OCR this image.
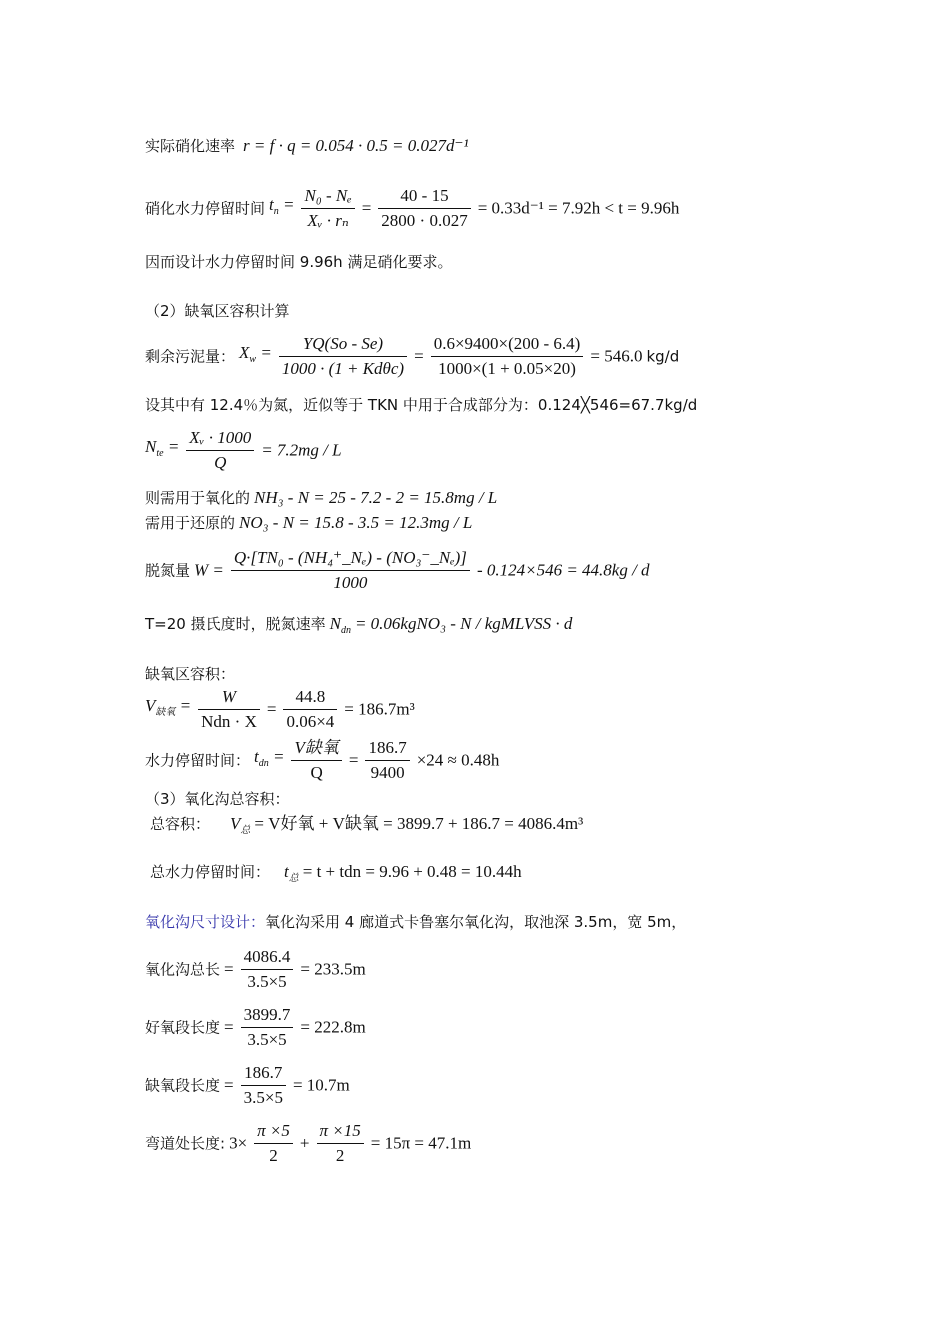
实际硝化速率 r = f · q = 0.054 · 0.5 = 0.027d⁻¹
硝化水力停留时间 $t_n = \frac{\text{N₀ - Nₑ}}{\text{Xᵥ · rₙ}} = \frac{40 - 15}{2800 \cdot 0.027} = 0.33d^{-1} = 7.92h < t = 9.96h$
因而设计水力停留时间 9.96h 满足硝化要求。
（2）缺氧区容积计算
剩余污泥量： $X_w = \frac{YQ(So - Se)}{\text{1000 · (1 + Kdθc)}} = \frac{0.6\times 9400\times(200 - 6.4)}{1000\times(1 + 0.05\times 20)} = 546.0$ kg/d
设其中有 12.4％为氮，近似等于 TKN 中用于合成部分为：0.124╳546=67.7kg/d
$N_{te} = \frac{\text{Xᵥ · 1000}}{Q} = 7.2mg / L$
则需用于氧化的 NH₃ - N = 25 - 7.2 - 2 = 15.8mg / L
需用于还原的 NO₃ - N = 15.8 - 3.5 = 12.3mg / L
脱氮量 $W = \frac{\text{Q·[TN₀ - (NH₄⁺\_Nₑ) - (NO₃⁻\_Nₑ)]}}{1000} - 0.124\times 546 = 44.8kg / d$
T=20 摄氏度时，脱氮速率 $N_{dn}$ = 0.06kgNO₃ - N / kgMLVSS · d
缺氧区容积：
$V_{缺氧} = \frac{W}{\text{Ndn · X}} = \frac{44.8}{0.06\times 4} = 186.7m^3$
水力停留时间： $t_{dn} = \frac{\text{V缺氧}}{Q} = \frac{186.7}{9400} \times 24 \approx 0.48h$
（3）氧化沟总容积：
总容积： $V_总 = V$好氧 + V缺氧 = 3899.7 + 186.7 = 4086.4m³
总水力停留时间： $t_总 = t$ + tdn = 9.96 + 0.48 = 10.44h
氧化沟尺寸设计：氧化沟采用 4 廊道式卡鲁塞尔氧化沟，取池深 3.5m，宽 5m，
氧化沟总长 = $\frac{4086.4}{3.5\times 5} = 233.5m$
好氧段长度 = $\frac{3899.7}{3.5\times 5} = 222.8m$
缺氧段长度 = $\frac{186.7}{3.5\times 5} = 10.7m$
弯道处长度: $3\times \frac{\pi \times 5}{2} + \frac{\pi \times 15}{2} = 15\pi = 47.1m$
